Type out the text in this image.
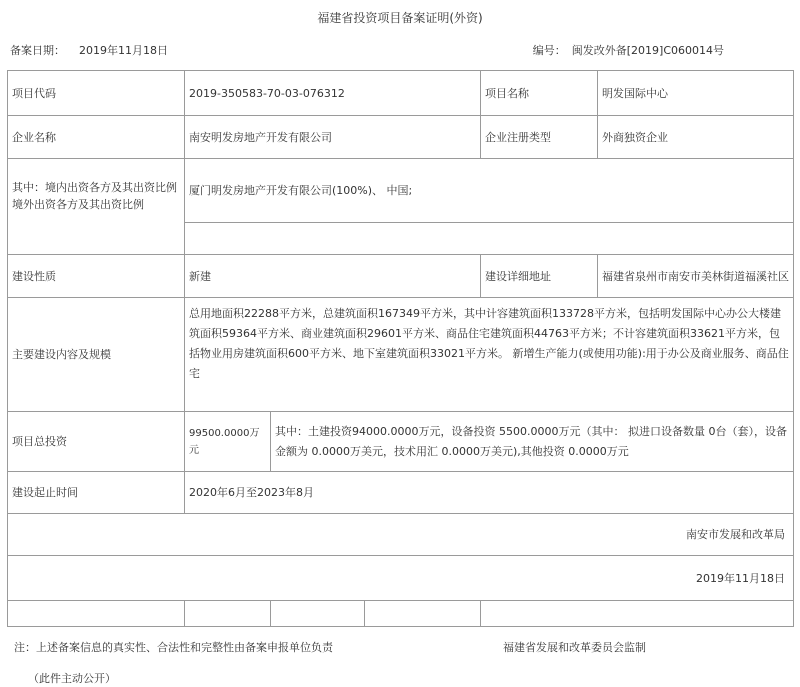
福建省投资项目备案证明(外资)
备案日期： 2019年11月18日	编号： 闽发改外备[2019]C060014号
项目代码	2019-350583-70-03-076312			项目名称 明发国际中心

企业名称	南安明发房地产开发有限公司			企业注册类型 外商独资企业

其中：境内出资各方及其出资比例 境外出资各方及其出资比例	厦门明发房地产开发有限公司(100%)、 中国;			

建设性质	新建			建设详细地址 福建省泉州市南安市美林街道福溪社区

主要建设内容及规模	总用地面积22288平方米，总建筑面积167349平方米，其中计容建筑面积133728平方米，包括明发国际中心办公大楼建筑面积59364平方米、商业建筑面积29601平方米、商品住宅建筑面积44763平方米；不计容建筑面积33621平方米，包括物业用房建筑面积600平方米、地下室建筑面积33021平方米。 新增生产能力(或使用功能):用于办公及商业服务、商品住宅			
项目总投资	99500.0000万元	其中：土建投资94000.0000万元，设备投资 5500.0000万元（其中： 拟进口设备数量 0台（套），设备金额为 0.0000万美元，技术用汇 0.0000万美元),其他投资 0.0000万元		
建设起止时间	2020年6月至2023年8月			
南安市发展和改革局				
2019年11月18日				

注：上述备案信息的真实性、合法性和完整性由备案申报单位负责	福建省发展和改革委员会监制
（此件主动公开）
